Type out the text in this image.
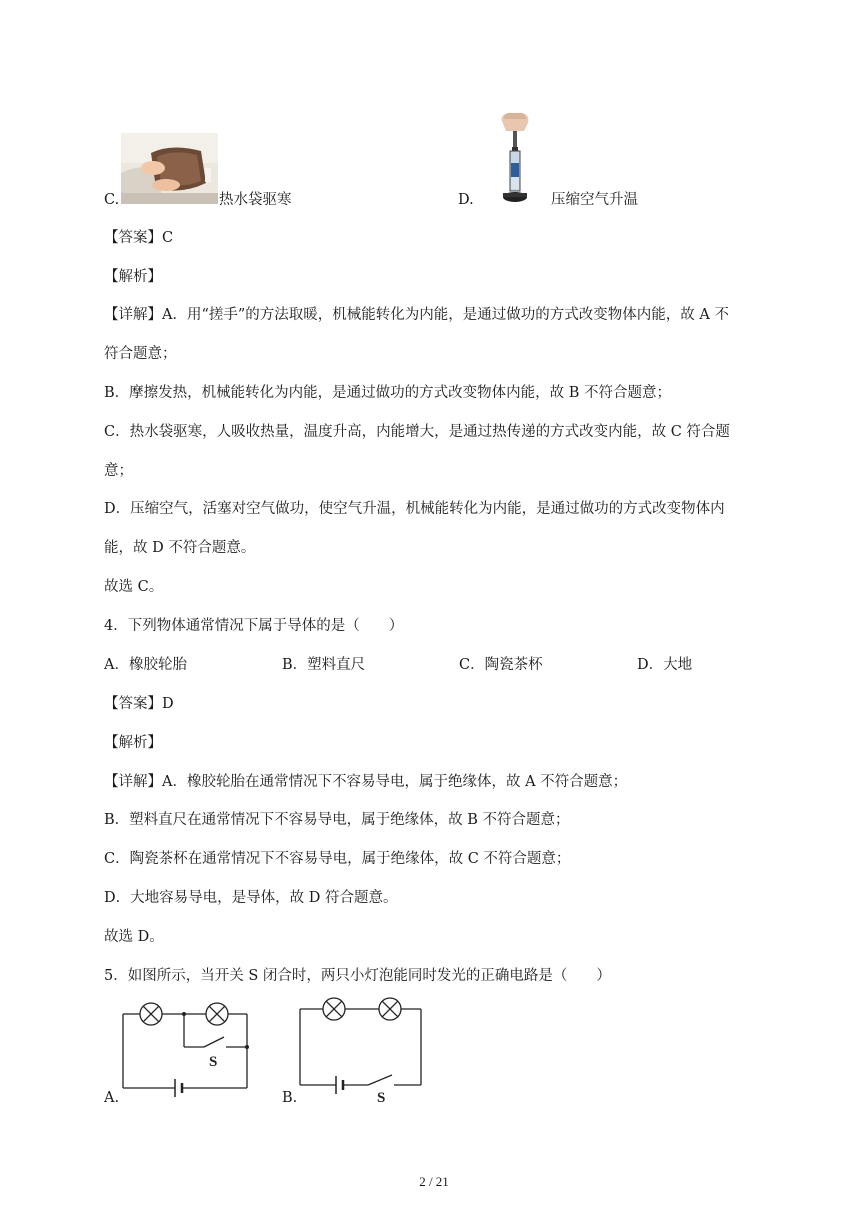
C.	热水袋驱寒	D.	压缩空气升温
【答案】C
【解析】
【详解】A．用“搓手”的方法取暖，机械能转化为内能，是通过做功的方式改变物体内能，故 A 不
符合题意；
B．摩擦发热，机械能转化为内能，是通过做功的方式改变物体内能，故 B 不符合题意；
C．热水袋驱寒，人吸收热量，温度升高，内能增大，是通过热传递的方式改变内能，故 C 符合题
意；
D．压缩空气，活塞对空气做功，使空气升温，机械能转化为内能，是通过做功的方式改变物体内
能，故 D 不符合题意。
故选 C。
4．下列物体通常情况下属于导体的是（　　）
A．橡胶轮胎	B．塑料直尺	C．陶瓷茶杯	D．大地
【答案】D
【解析】
【详解】A．橡胶轮胎在通常情况下不容易导电，属于绝缘体，故 A 不符合题意；
B．塑料直尺在通常情况下不容易导电，属于绝缘体，故 B 不符合题意；
C．陶瓷茶杯在通常情况下不容易导电，属于绝缘体，故 C 不符合题意；
D．大地容易导电，是导体，故 D 符合题意。
故选 D。
5．如图所示，当开关 S 闭合时，两只小灯泡能同时发光的正确电路是（　　）
S
A.	S
B.
2 / 21
